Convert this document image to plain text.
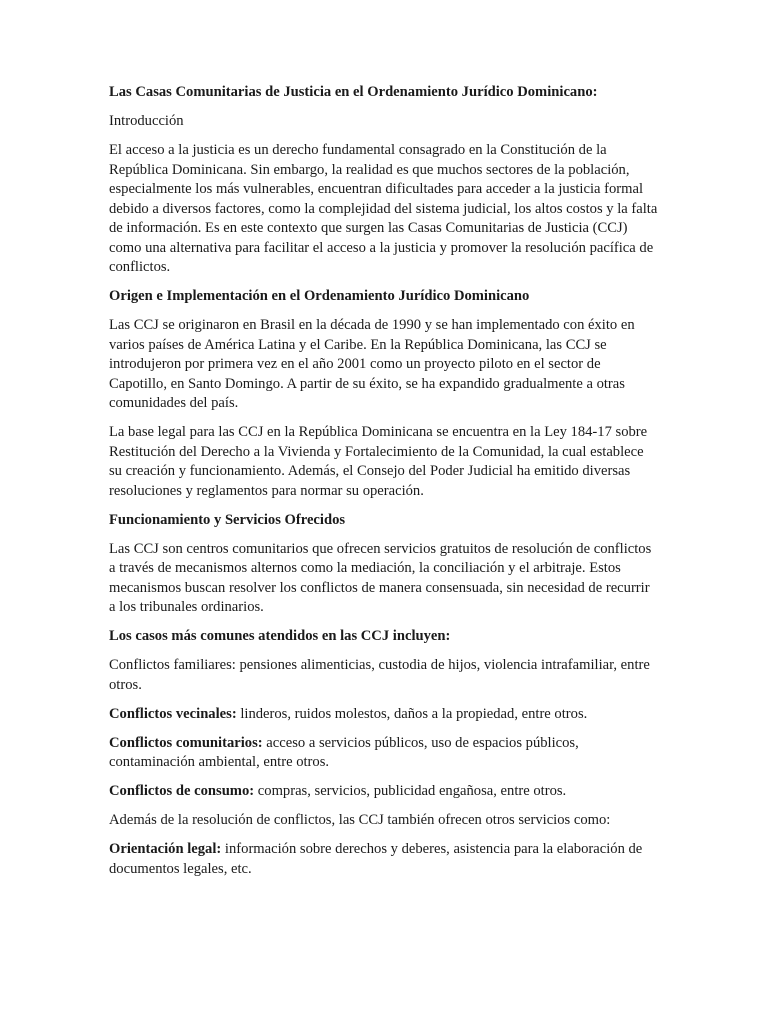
Las Casas Comunitarias de Justicia en el Ordenamiento Jurídico Dominicano:

Introducción

El acceso a la justicia es un derecho fundamental consagrado en la Constitución de la República Dominicana. Sin embargo, la realidad es que muchos sectores de la población, especialmente los más vulnerables, encuentran dificultades para acceder a la justicia formal debido a diversos factores, como la complejidad del sistema judicial, los altos costos y la falta de información. Es en este contexto que surgen las Casas Comunitarias de Justicia (CCJ) como una alternativa para facilitar el acceso a la justicia y promover la resolución pacífica de conflictos.

Origen e Implementación en el Ordenamiento Jurídico Dominicano

Las CCJ se originaron en Brasil en la década de 1990 y se han implementado con éxito en varios países de América Latina y el Caribe. En la República Dominicana, las CCJ se introdujeron por primera vez en el año 2001 como un proyecto piloto en el sector de Capotillo, en Santo Domingo. A partir de su éxito, se ha expandido gradualmente a otras comunidades del país.

La base legal para las CCJ en la República Dominicana se encuentra en la Ley 184-17 sobre Restitución del Derecho a la Vivienda y Fortalecimiento de la Comunidad, la cual establece su creación y funcionamiento. Además, el Consejo del Poder Judicial ha emitido diversas resoluciones y reglamentos para normar su operación.

Funcionamiento y Servicios Ofrecidos

Las CCJ son centros comunitarios que ofrecen servicios gratuitos de resolución de conflictos a través de mecanismos alternos como la mediación, la conciliación y el arbitraje. Estos mecanismos buscan resolver los conflictos de manera consensuada, sin necesidad de recurrir a los tribunales ordinarios.

Los casos más comunes atendidos en las CCJ incluyen:

Conflictos familiares: pensiones alimenticias, custodia de hijos, violencia intrafamiliar, entre otros.

Conflictos vecinales: linderos, ruidos molestos, daños a la propiedad, entre otros.

Conflictos comunitarios: acceso a servicios públicos, uso de espacios públicos, contaminación ambiental, entre otros.

Conflictos de consumo: compras, servicios, publicidad engañosa, entre otros.

Además de la resolución de conflictos, las CCJ también ofrecen otros servicios como:

Orientación legal: información sobre derechos y deberes, asistencia para la elaboración de documentos legales, etc.
